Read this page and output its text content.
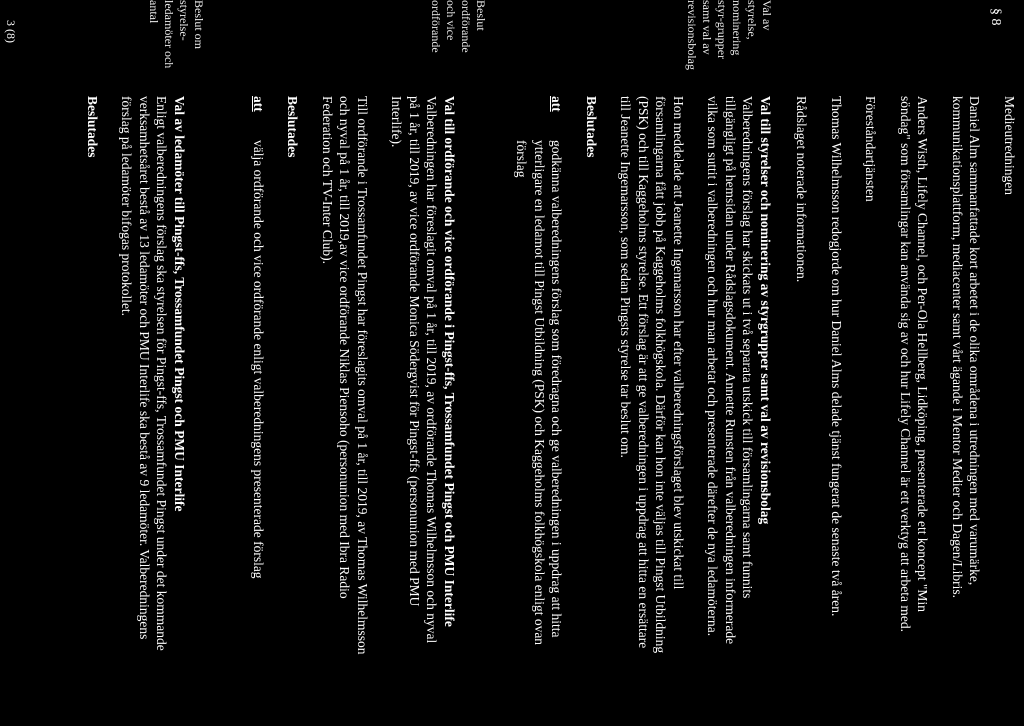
Medieutredningen

Daniel Alm sammanfattade kort arbetet i de olika områdena i utredningen med varumärke, kommunikationsplattform, mediacenter samt vårt ägande i Mentor Medier och Dagen/Libris.

Anders Wisth, Lifely Channel, och Per-Ola Hellberg, Lidköping, presenterade ett koncept "Min söndag" som församlingar kan använda sig av och hur Lifely Channel är ett verktyg att arbeta med.

Föreståndartjänsten

Thomas Wilhelmsson redogjorde om hur Daniel Alms delade tjänst fungerat de senaste två åren.

Rådslaget noterade informationen.

§ 8
Val av styrelse, nominering styr-grupper samt val av revisionsbolag

Val till styrelser och nominering av styrgrupper samt val av revisionsbolag

Valberedningens förslag har skickats ut i två separata utskick till församlingarna samt funnits tillgängligt på hemsidan under Rådslagsdokument. Annette Runsten från valberedningen informerade vilka som suttit i valberedningen och hur man arbetat och presenterade därefter de nya ledamöterna.

Hon meddelade att Jeanette Ingemarsson har efter valberedningsförslaget blev utskickat till församlingarna fått jobb på Kaggeholms folkhögskola. Därför kan hon inte väljas till Pingst Utbildning (PSK) och till Kaggeholms styrelse. Ett förslag är att ge valberedningen i uppdrag att hitta en ersättare till Jeanette Ingemarsson, som sedan Pingsts styrelse tar beslut om.

Beslutades

att
godkänna valberedningens förslag som föredragna och ge valberedningen i uppdrag att hitta ytterligare en ledamot till Pingst Utbildning (PSK) och Kaggeholms folkhögskola enligt ovan förslag
Beslut ordförande och vice ordförande

Val till ordförande och vice ordförande i Pingst-ffs, Trossamfundet Pingst och PMU Interlife

Valberedningen har föreslagit omval på 1 år, till 2019, av ordförande Thomas Wilhelmsson och nyval på 1 år, till 2019, av vice ordförande Monica Södergvist för Pingst-ffs (personunion med PMU Interlife).

Till ordförande i Trossamfundet Pingst har föreslagits omval på 1 år, till 2019, av Thomas Wilhelmsson och nyval på 1 år, till 2019,av vice ordförande Niklas Piensoho (personunion med Ibra Radio Federation och TV-Inter Club).

Beslutades

att
välja ordförande och vice ordförande enligt valberedningens presenterade förslag
Beslut om styrelse-ledamöter och antal

Val av ledamöter till Pingst-ffs, Trossamfundet Pingst och PMU Interlife

Enligt valberedningens förslag ska styrelsen för Pingst-ffs, Trossamfundet Pingst under det kommande verksamhetsåret bestå av 13 ledamöter och PMU Interlife ska bestå av 9 ledamöter. Valberedningens förslag på ledamöter bifogas protokollet.

Beslutades

3 (8)
